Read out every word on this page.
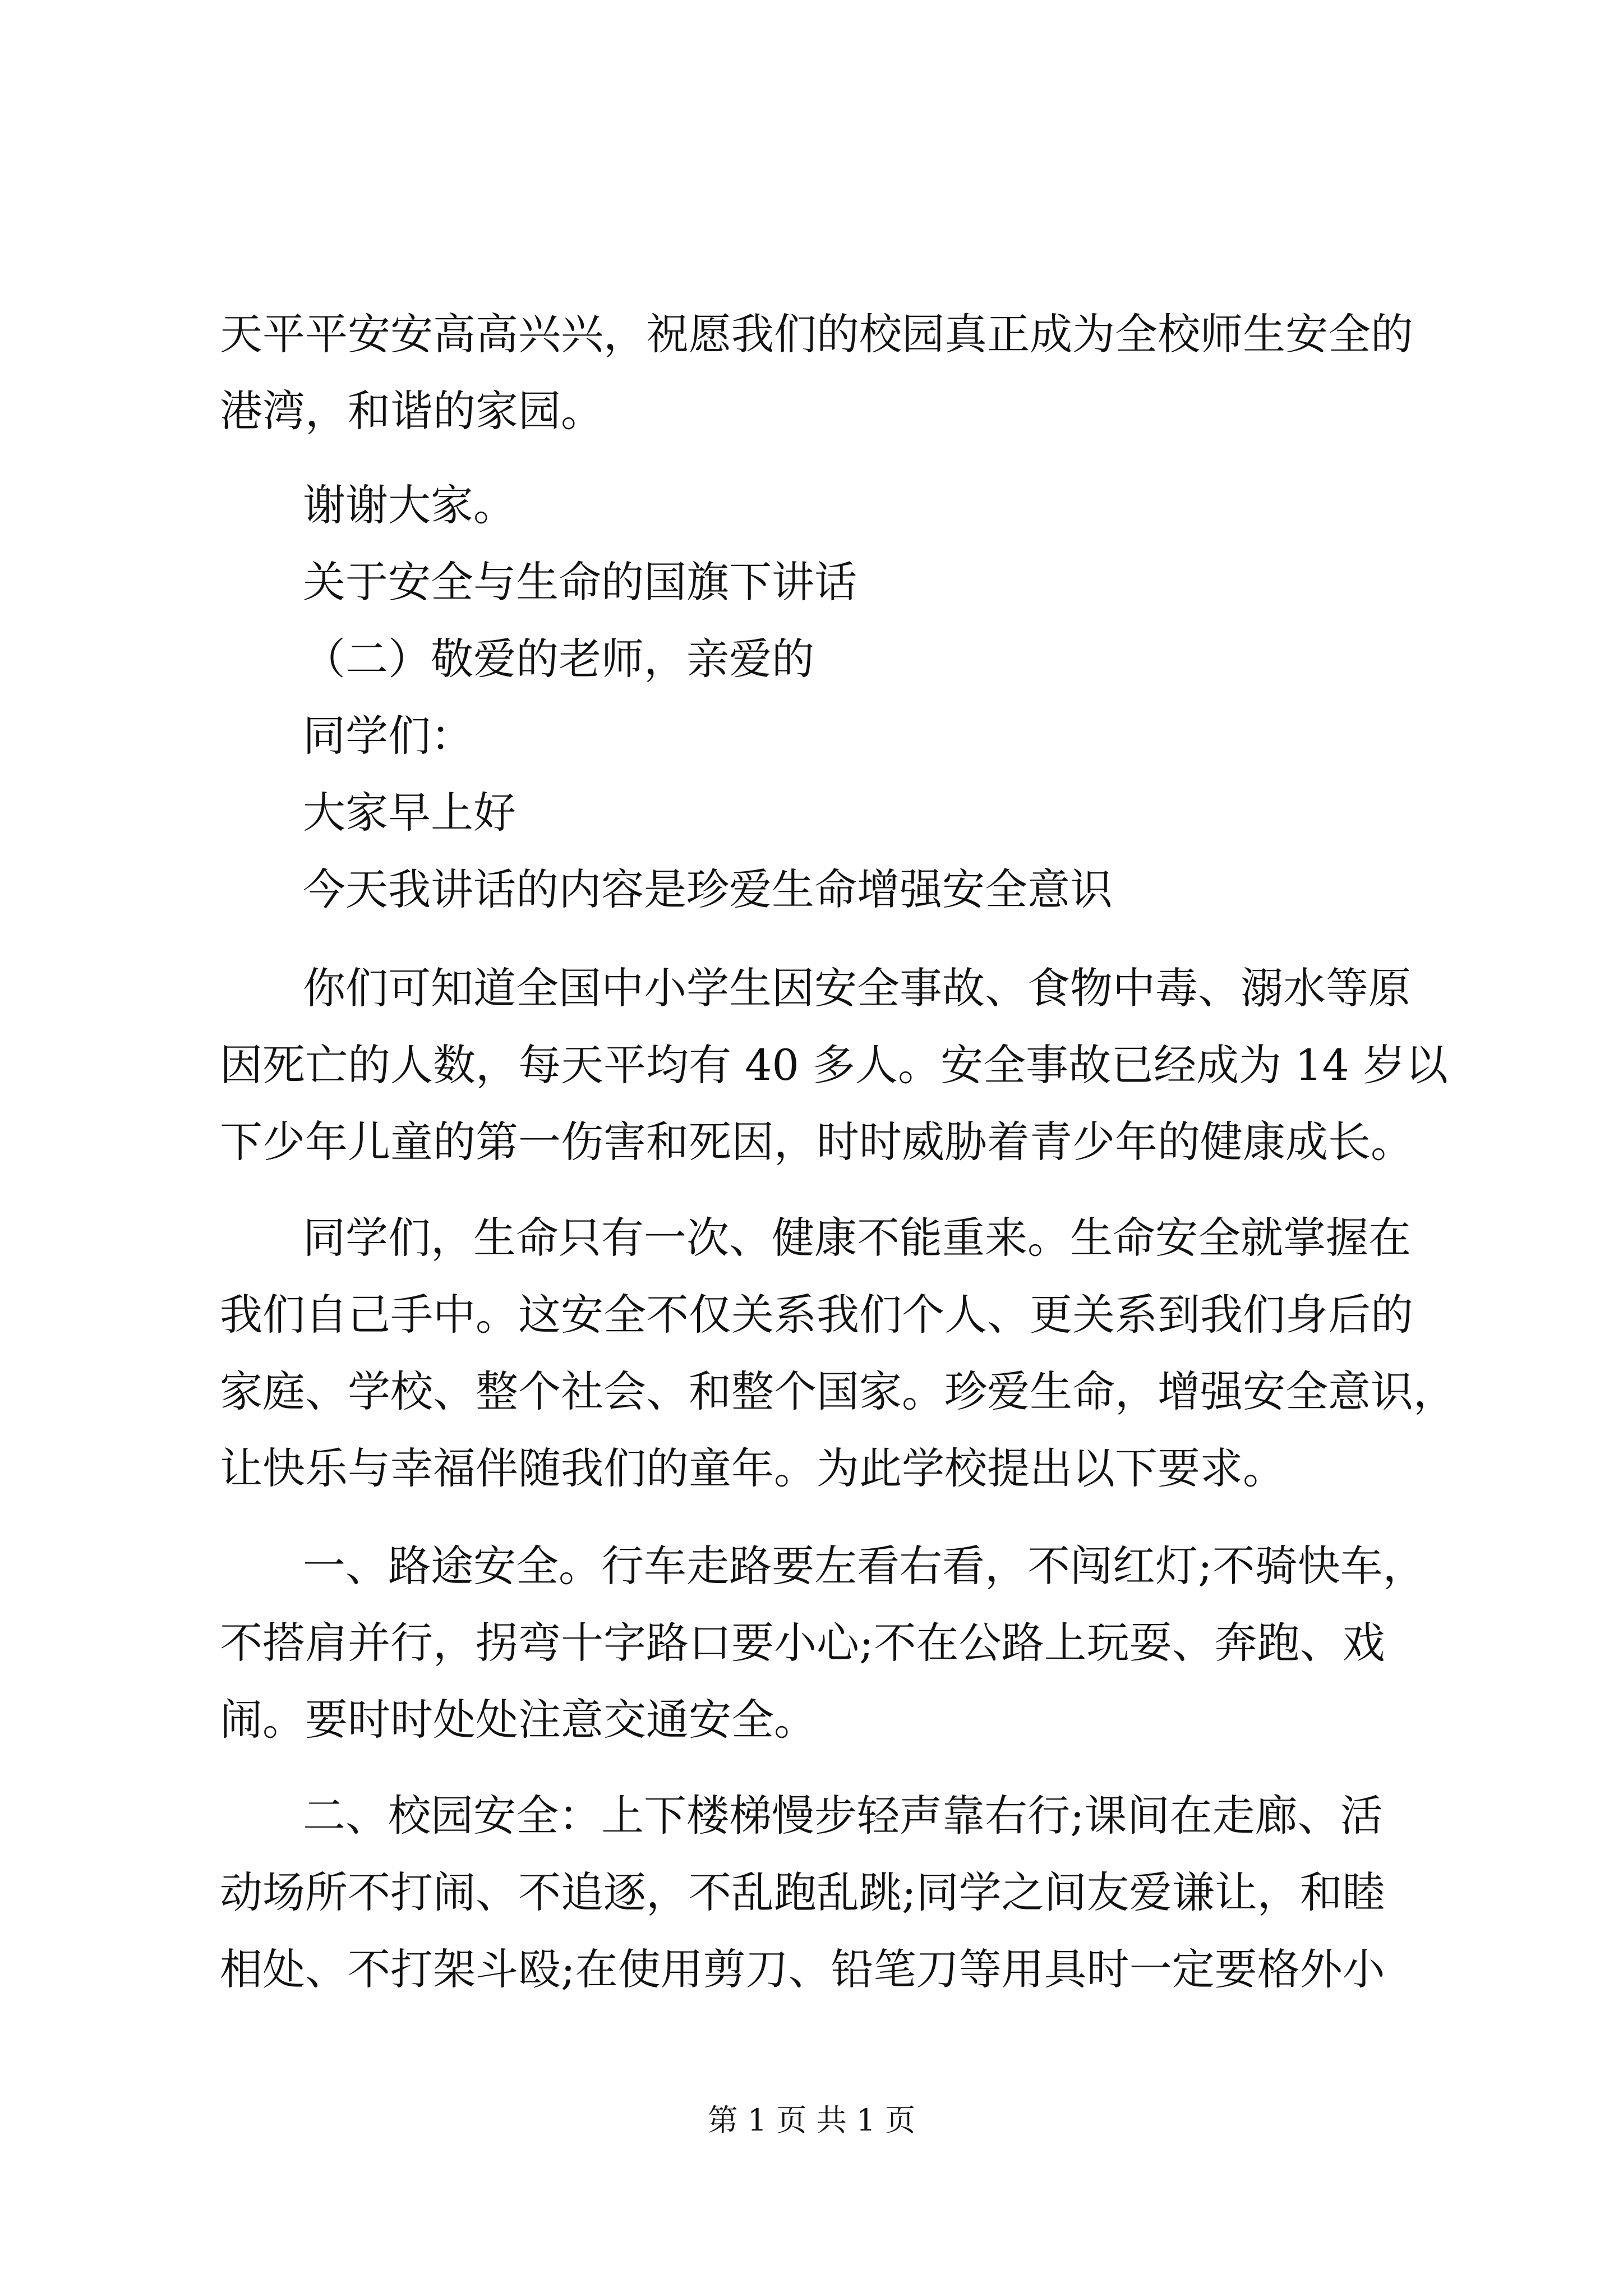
天平平安安高高兴兴，祝愿我们的校园真正成为全校师生安全的
港湾，和谐的家园。
谢谢大家。
关于安全与生命的国旗下讲话
（二）敬爱的老师，亲爱的
同学们：
大家早上好
今天我讲话的内容是珍爱生命增强安全意识
你们可知道全国中小学生因安全事故、食物中毒、溺水等原
因死亡的人数，每天平均有 40 多人。安全事故已经成为 14 岁以
下少年儿童的第一伤害和死因，时时威胁着青少年的健康成长。
同学们，生命只有一次、健康不能重来。生命安全就掌握在
我们自己手中。这安全不仅关系我们个人、更关系到我们身后的
家庭、学校、整个社会、和整个国家。珍爱生命，增强安全意识，
让快乐与幸福伴随我们的童年。为此学校提出以下要求。
一、路途安全。行车走路要左看右看，不闯红灯;不骑快车，
不搭肩并行，拐弯十字路口要小心;不在公路上玩耍、奔跑、戏
闹。要时时处处注意交通安全。
二、校园安全：上下楼梯慢步轻声靠右行;课间在走廊、活
动场所不打闹、不追逐，不乱跑乱跳;同学之间友爱谦让，和睦
相处、不打架斗殴;在使用剪刀、铅笔刀等用具时一定要格外小
第 1 页 共 1 页
